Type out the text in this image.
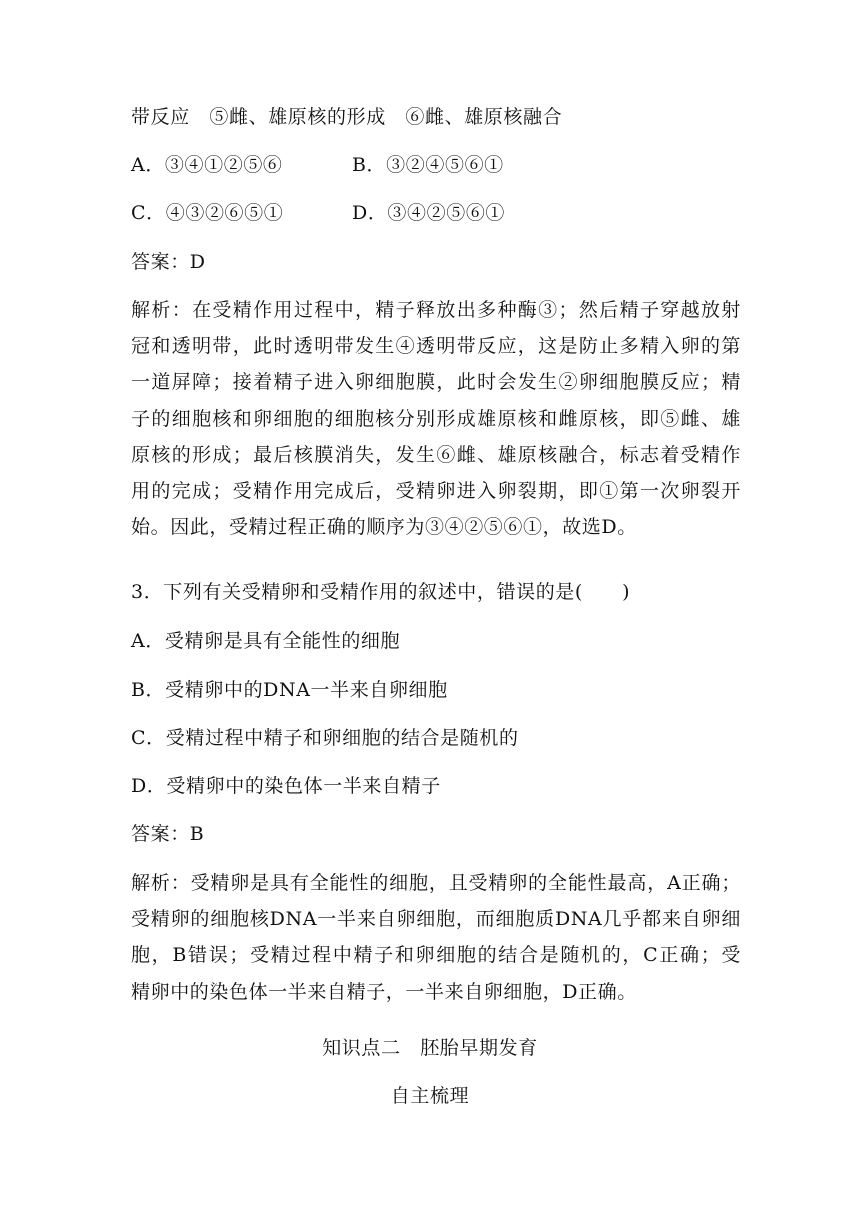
带反应　⑤雌、雄原核的形成　⑥雌、雄原核融合
A．③④①②⑤⑥	B．③②④⑤⑥①
C．④③②⑥⑤①	D．③④②⑤⑥①
答案：D
解析：在受精作用过程中，精子释放出多种酶③；然后精子穿越放射
冠和透明带，此时透明带发生④透明带反应，这是防止多精入卵的第
一道屏障；接着精子进入卵细胞膜，此时会发生②卵细胞膜反应；精
子的细胞核和卵细胞的细胞核分别形成雄原核和雌原核，即⑤雌、雄
原核的形成；最后核膜消失，发生⑥雌、雄原核融合，标志着受精作
用的完成；受精作用完成后，受精卵进入卵裂期，即①第一次卵裂开
始。因此，受精过程正确的顺序为③④②⑤⑥①，故选D。
3．下列有关受精卵和受精作用的叙述中，错误的是(　　)
A．受精卵是具有全能性的细胞
B．受精卵中的DNA一半来自卵细胞
C．受精过程中精子和卵细胞的结合是随机的
D．受精卵中的染色体一半来自精子
答案：B
解析：受精卵是具有全能性的细胞，且受精卵的全能性最高，A正确；
受精卵的细胞核DNA一半来自卵细胞，而细胞质DNA几乎都来自卵细
胞，B错误；受精过程中精子和卵细胞的结合是随机的，C正确；受
精卵中的染色体一半来自精子，一半来自卵细胞，D正确。
知识点二　胚胎早期发育
自主梳理
